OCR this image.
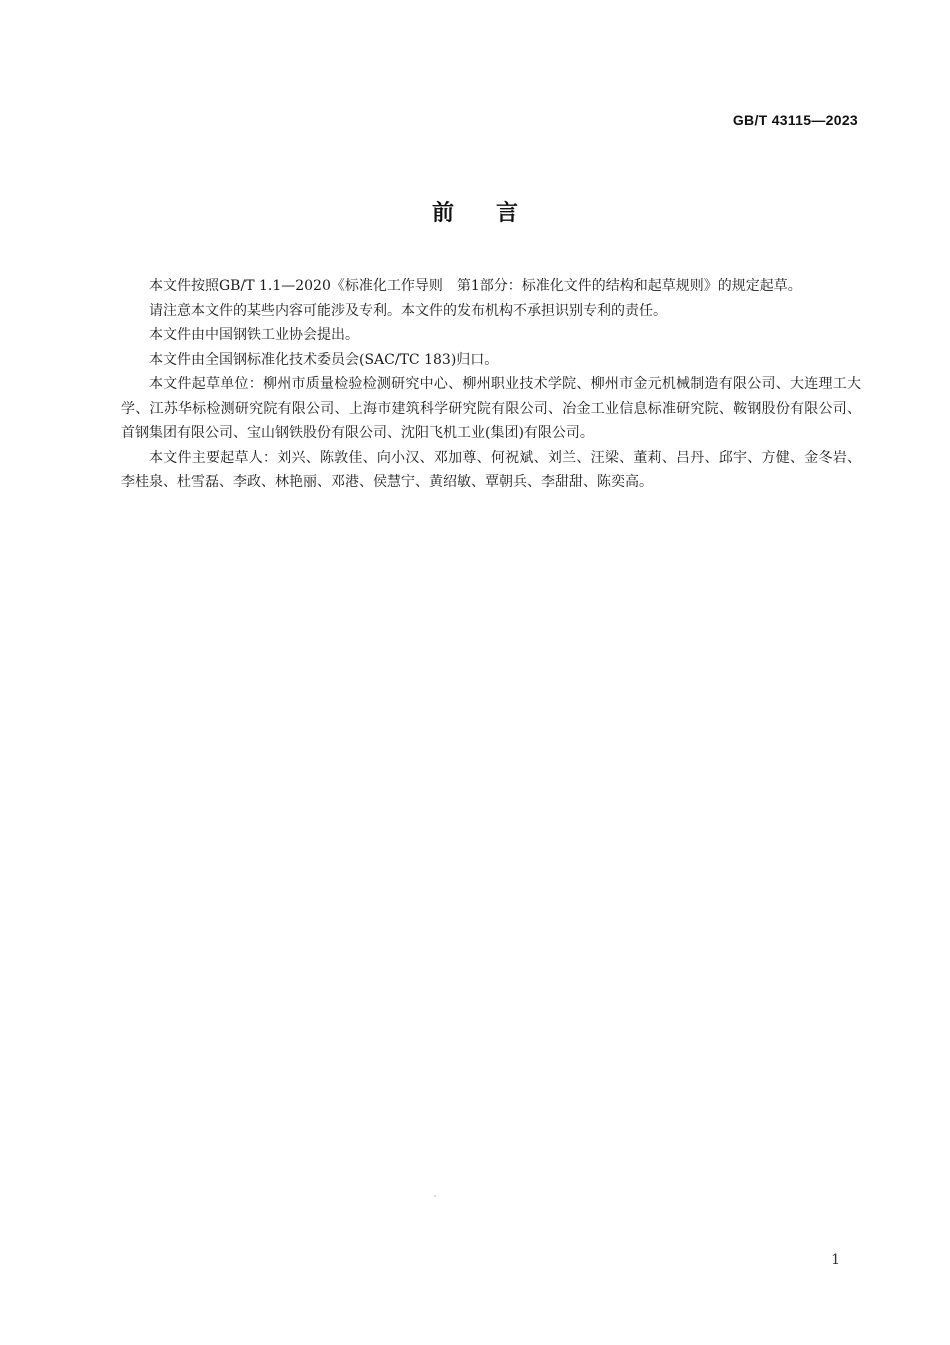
GB/T 43115—2023
前言

本文件按照GB/T 1.1—2020《标准化工作导则　第1部分：标准化文件的结构和起草规则》的规定起草。

请注意本文件的某些内容可能涉及专利。本文件的发布机构不承担识别专利的责任。

本文件由中国钢铁工业协会提出。

本文件由全国钢标准化技术委员会(SAC/TC 183)归口。

本文件起草单位：柳州市质量检验检测研究中心、柳州职业技术学院、柳州市金元机械制造有限公司、大连理工大学、江苏华标检测研究院有限公司、上海市建筑科学研究院有限公司、冶金工业信息标准研究院、鞍钢股份有限公司、首钢集团有限公司、宝山钢铁股份有限公司、沈阳飞机工业(集团)有限公司。

本文件主要起草人：刘兴、陈敦佳、向小汉、邓加尊、何祝斌、刘兰、汪梁、董莉、吕丹、邱宇、方健、金冬岩、李桂泉、杜雪磊、李政、林艳丽、邓港、侯慧宁、黄绍敏、覃朝兵、李甜甜、陈奕高。

1
